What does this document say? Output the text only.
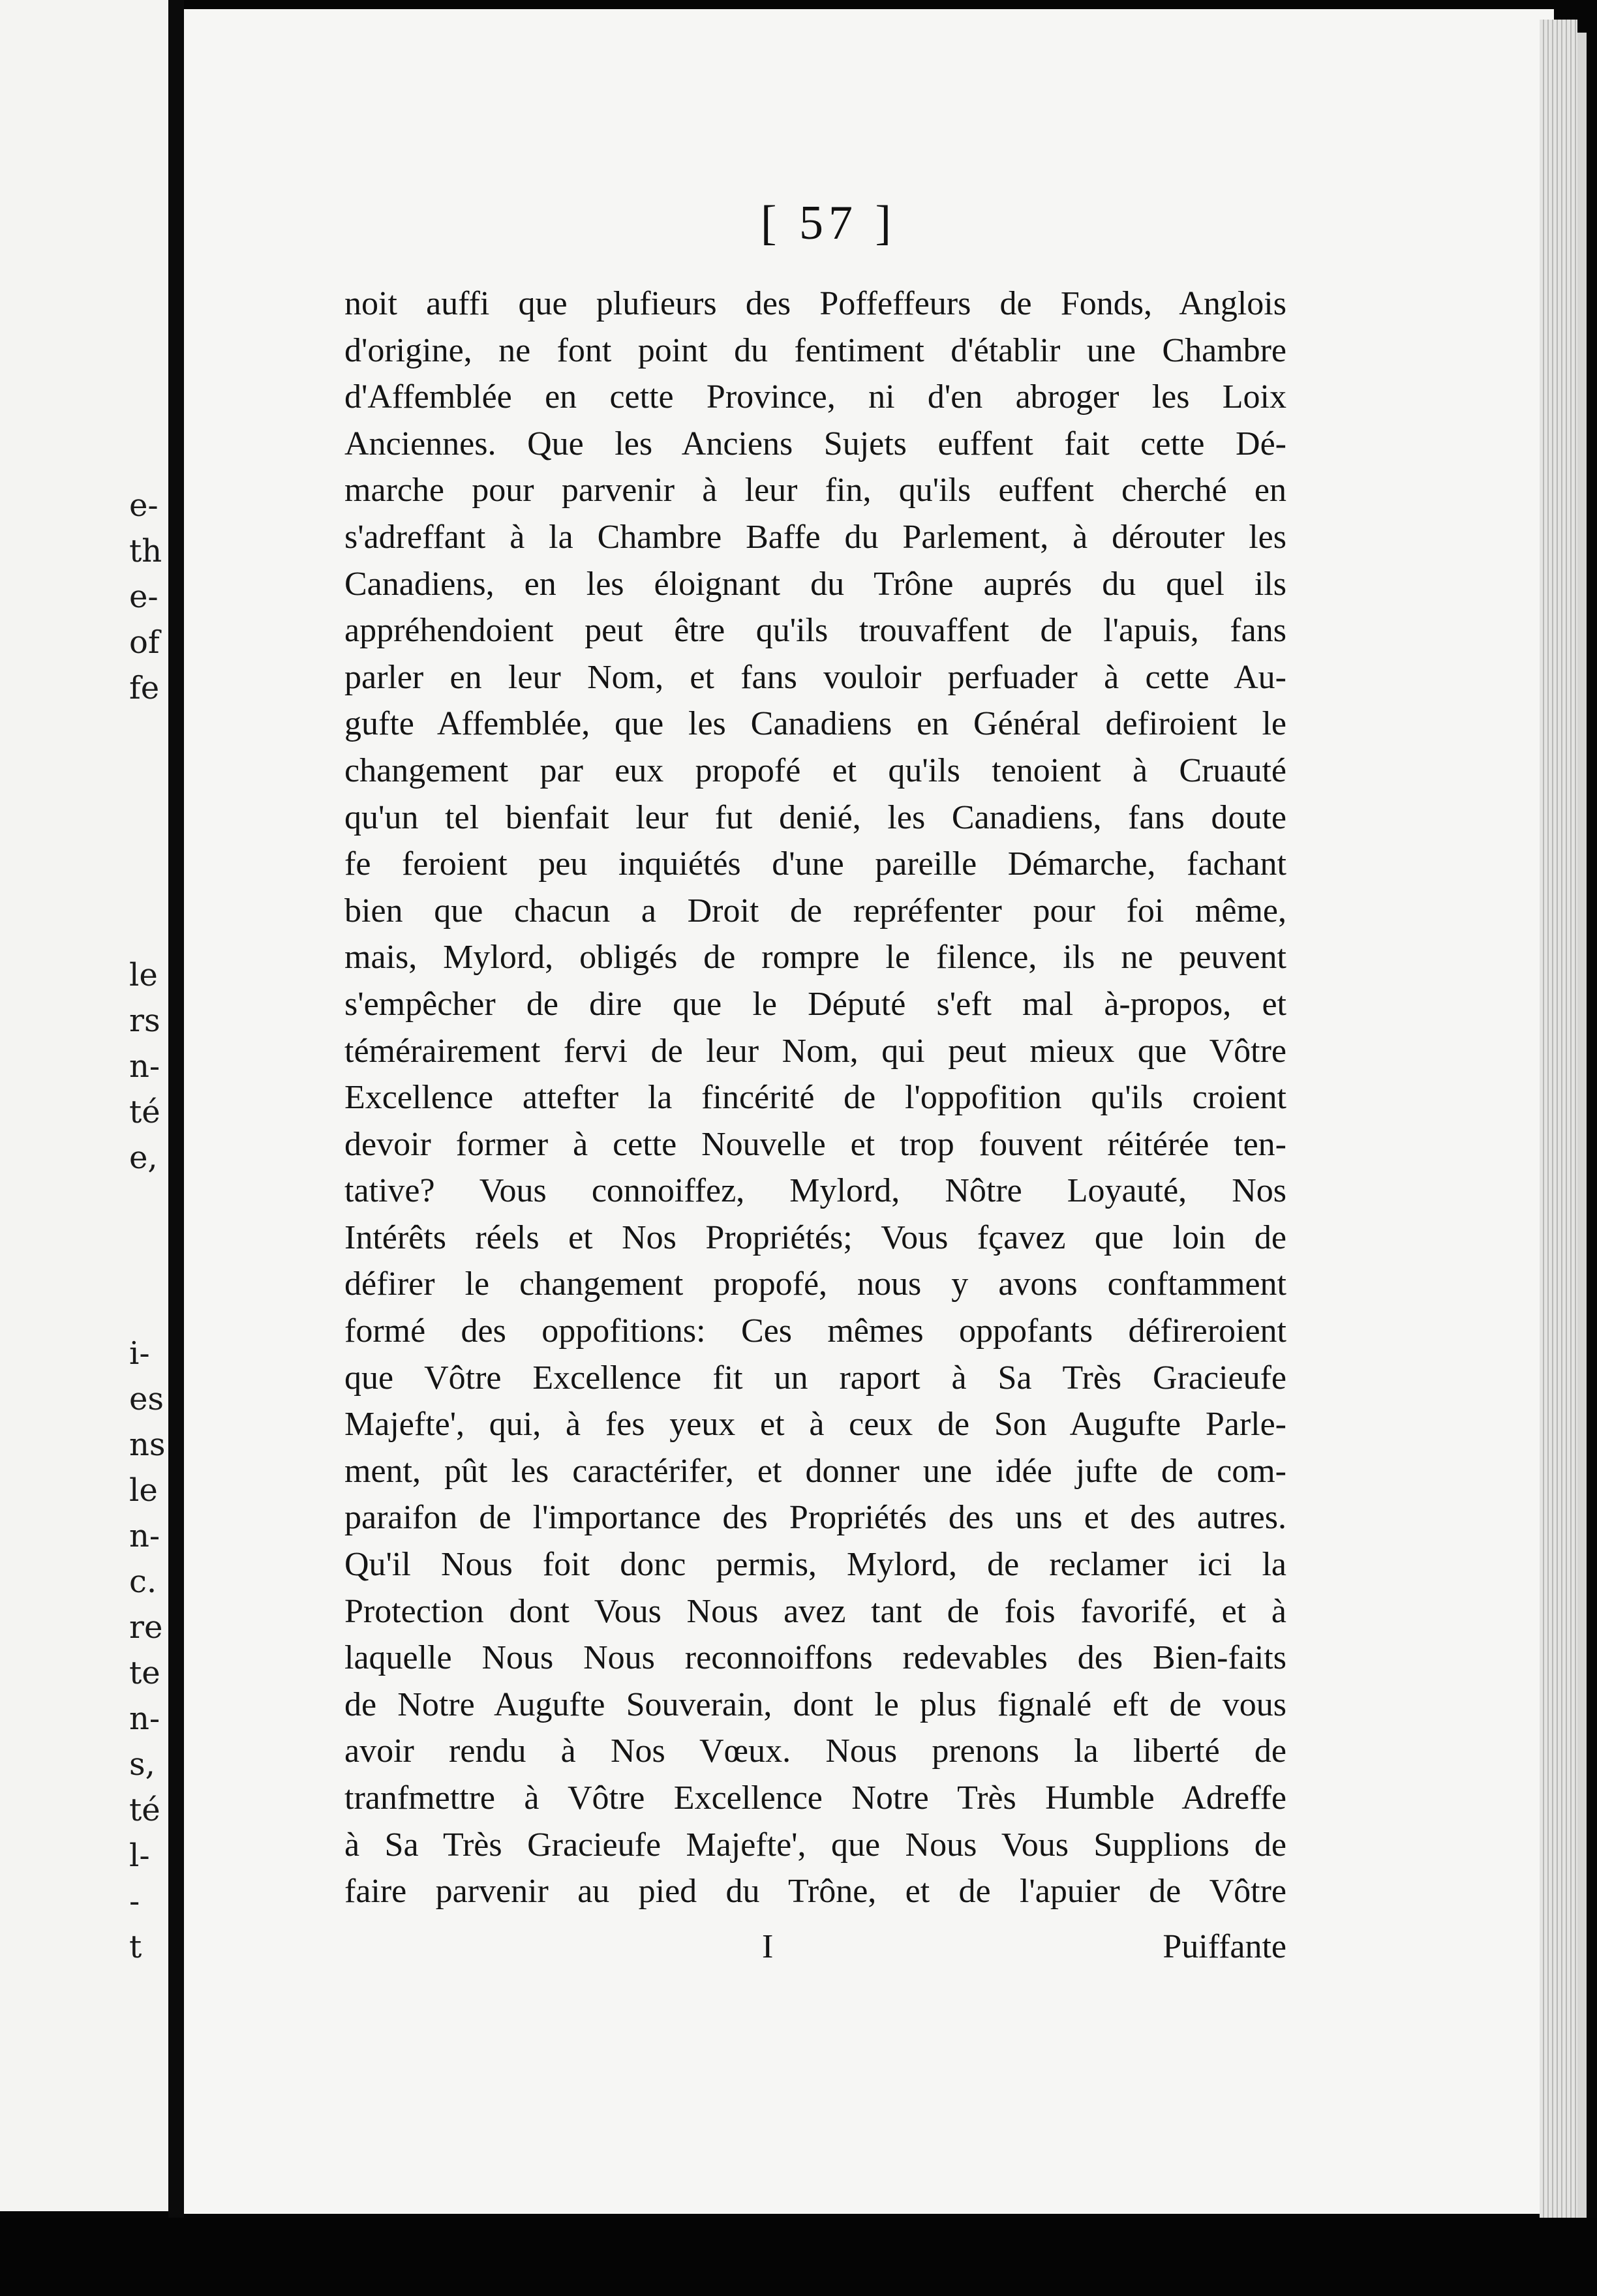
e-
th
e-
of
fe
le
rs
n-
té
e,
i-
es
ns
le
n-
c.
re
te
n-
s,
té
l-
-
t
[ 57 ]
noit auffi que plufieurs des Poffeffeurs de Fonds, Anglois
d'origine, ne font point du fentiment d'établir une Chambre
d'Affemblée en cette Province, ni d'en abroger les Loix
Anciennes. Que les Anciens Sujets euffent fait cette Dé-
marche pour parvenir à leur fin, qu'ils euffent cherché en
s'adreffant à la Chambre Baffe du Parlement, à dérouter les
Canadiens, en les éloignant du Trône auprés du quel ils
appréhendoient peut être qu'ils trouvaffent de l'apuis, fans
parler en leur Nom, et fans vouloir perfuader à cette Au-
gufte Affemblée, que les Canadiens en Général defiroient le
changement par eux propofé et qu'ils tenoient à Cruauté
qu'un tel bienfait leur fut denié, les Canadiens, fans doute
fe feroient peu inquiétés d'une pareille Démarche, fachant
bien que chacun a Droit de repréfenter pour foi même,
mais, Mylord, obligés de rompre le filence, ils ne peuvent
s'empêcher de dire que le Député s'eft mal à-propos, et
témérairement fervi de leur Nom, qui peut mieux que Vôtre
Excellence attefter la fincérité de l'oppofition qu'ils croient
devoir former à cette Nouvelle et trop fouvent réitérée ten-
tative? Vous connoiffez, Mylord, Nôtre Loyauté, Nos
Intérêts réels et Nos Propriétés; Vous fçavez que loin de
défirer le changement propofé, nous y avons conftamment
formé des oppofitions: Ces mêmes oppofants défireroient
que Vôtre Excellence fit un raport à Sa Très Gracieufe
Majefte', qui, à fes yeux et à ceux de Son Augufte Parle-
ment, pût les caractérifer, et donner une idée jufte de com-
paraifon de l'importance des Propriétés des uns et des autres.
Qu'il Nous foit donc permis, Mylord, de reclamer ici la
Protection dont Vous Nous avez tant de fois favorifé, et à
laquelle Nous Nous reconnoiffons redevables des Bien-faits
de Notre Augufte Souverain, dont le plus fignalé eft de vous
avoir rendu à Nos Vœux. Nous prenons la liberté de
tranfmettre à Vôtre Excellence Notre Très Humble Adreffe
à Sa Très Gracieufe Majefte', que Nous Vous Supplions de
faire parvenir au pied du Trône, et de l'apuier de Vôtre
I	Puiffante
